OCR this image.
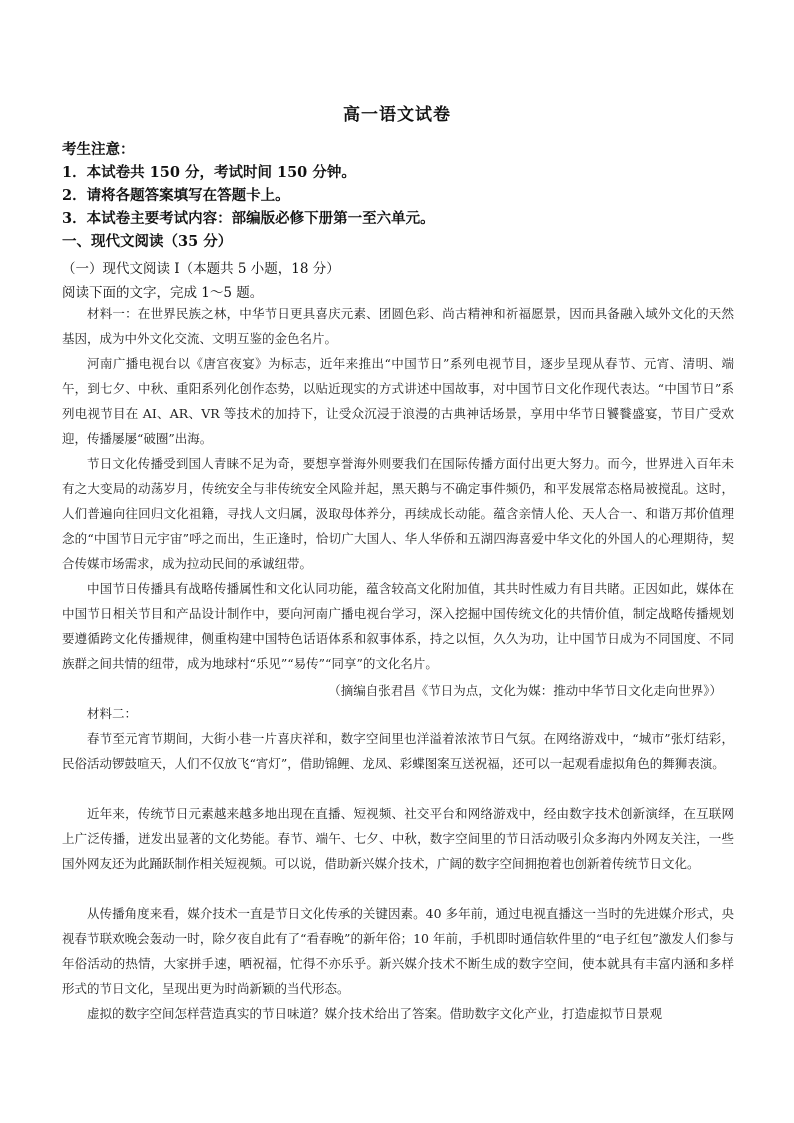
高一语文试卷
考生注意：
1．本试卷共 150 分，考试时间 150 分钟。
2．请将各题答案填写在答题卡上。
3．本试卷主要考试内容：部编版必修下册第一至六单元。
一、现代文阅读（35 分）
（一）现代文阅读 I（本题共 5 小题，18 分）
阅读下面的文字，完成 1～5 题。
材料一：在世界民族之林，中华节日更具喜庆元素、团圆色彩、尚古精神和祈福愿景，因而具备融入域外文化的天然基因，成为中外文化交流、文明互鉴的金色名片。
河南广播电视台以《唐宫夜宴》为标志，近年来推出“中国节日”系列电视节目，逐步呈现从春节、元宵、清明、端午，到七夕、中秋、重阳系列化创作态势，以贴近现实的方式讲述中国故事，对中国节日文化作现代表达。“中国节日”系列电视节目在 AI、AR、VR 等技术的加持下，让受众沉浸于浪漫的古典神话场景，享用中华节日饕餮盛宴，节目广受欢迎，传播屡屡“破圈”出海。
节日文化传播受到国人青睐不足为奇，要想享誉海外则要我们在国际传播方面付出更大努力。而今，世界进入百年未有之大变局的动荡岁月，传统安全与非传统安全风险并起，黑天鹅与不确定事件频仍，和平发展常态格局被搅乱。这时，人们普遍向往回归文化祖籍，寻找人文归属，汲取母体养分，再续成长动能。蕴含亲情人伦、天人合一、和谐万邦价值理念的“中国节日元宇宙”呼之而出，生正逢时，恰切广大国人、华人华侨和五湖四海喜爱中华文化的外国人的心理期待，契合传媒市场需求，成为拉动民间的承诚纽带。
中国节日传播具有战略传播属性和文化认同功能，蕴含较高文化附加值，其共时性威力有目共睹。正因如此，媒体在中国节日相关节目和产品设计制作中，要向河南广播电视台学习，深入挖掘中国传统文化的共情价值，制定战略传播规划要遵循跨文化传播规律，侧重构建中国特色话语体系和叙事体系，持之以恒，久久为功，让中国节日成为不同国度、不同族群之间共情的纽带，成为地球村“乐见”“易传”“同享”的文化名片。
（摘编自张君昌《节日为点，文化为媒：推动中华节日文化走向世界》）
材料二：
春节至元宵节期间，大街小巷一片喜庆祥和，数字空间里也洋溢着浓浓节日气氛。在网络游戏中，“城市”张灯结彩，民俗活动锣鼓喧天，人们不仅放飞“宵灯”，借助锦鲤、龙凤、彩蝶图案互送祝福，还可以一起观看虚拟角色的舞狮表演。
近年来，传统节日元素越来越多地出现在直播、短视频、社交平台和网络游戏中，经由数字技术创新演绎，在互联网上广泛传播，迸发出显著的文化势能。春节、端午、七夕、中秋，数字空间里的节日活动吸引众多海内外网友关注，一些国外网友还为此踊跃制作相关短视频。可以说，借助新兴媒介技术，广阔的数字空间拥抱着也创新着传统节日文化。
从传播角度来看，媒介技术一直是节日文化传承的关键因素。40 多年前，通过电视直播这一当时的先进媒介形式，央视春节联欢晚会轰动一时，除夕夜自此有了“看春晚”的新年俗；10 年前，手机即时通信软件里的“电子红包”激发人们参与年俗活动的热情，大家拼手速，晒祝福，忙得不亦乐乎。新兴媒介技术不断生成的数字空间，使本就具有丰富内涵和多样形式的节日文化，呈现出更为时尚新颖的当代形态。
虚拟的数字空间怎样营造真实的节日味道？媒介技术给出了答案。借助数字文化产业，打造虚拟节日景观
